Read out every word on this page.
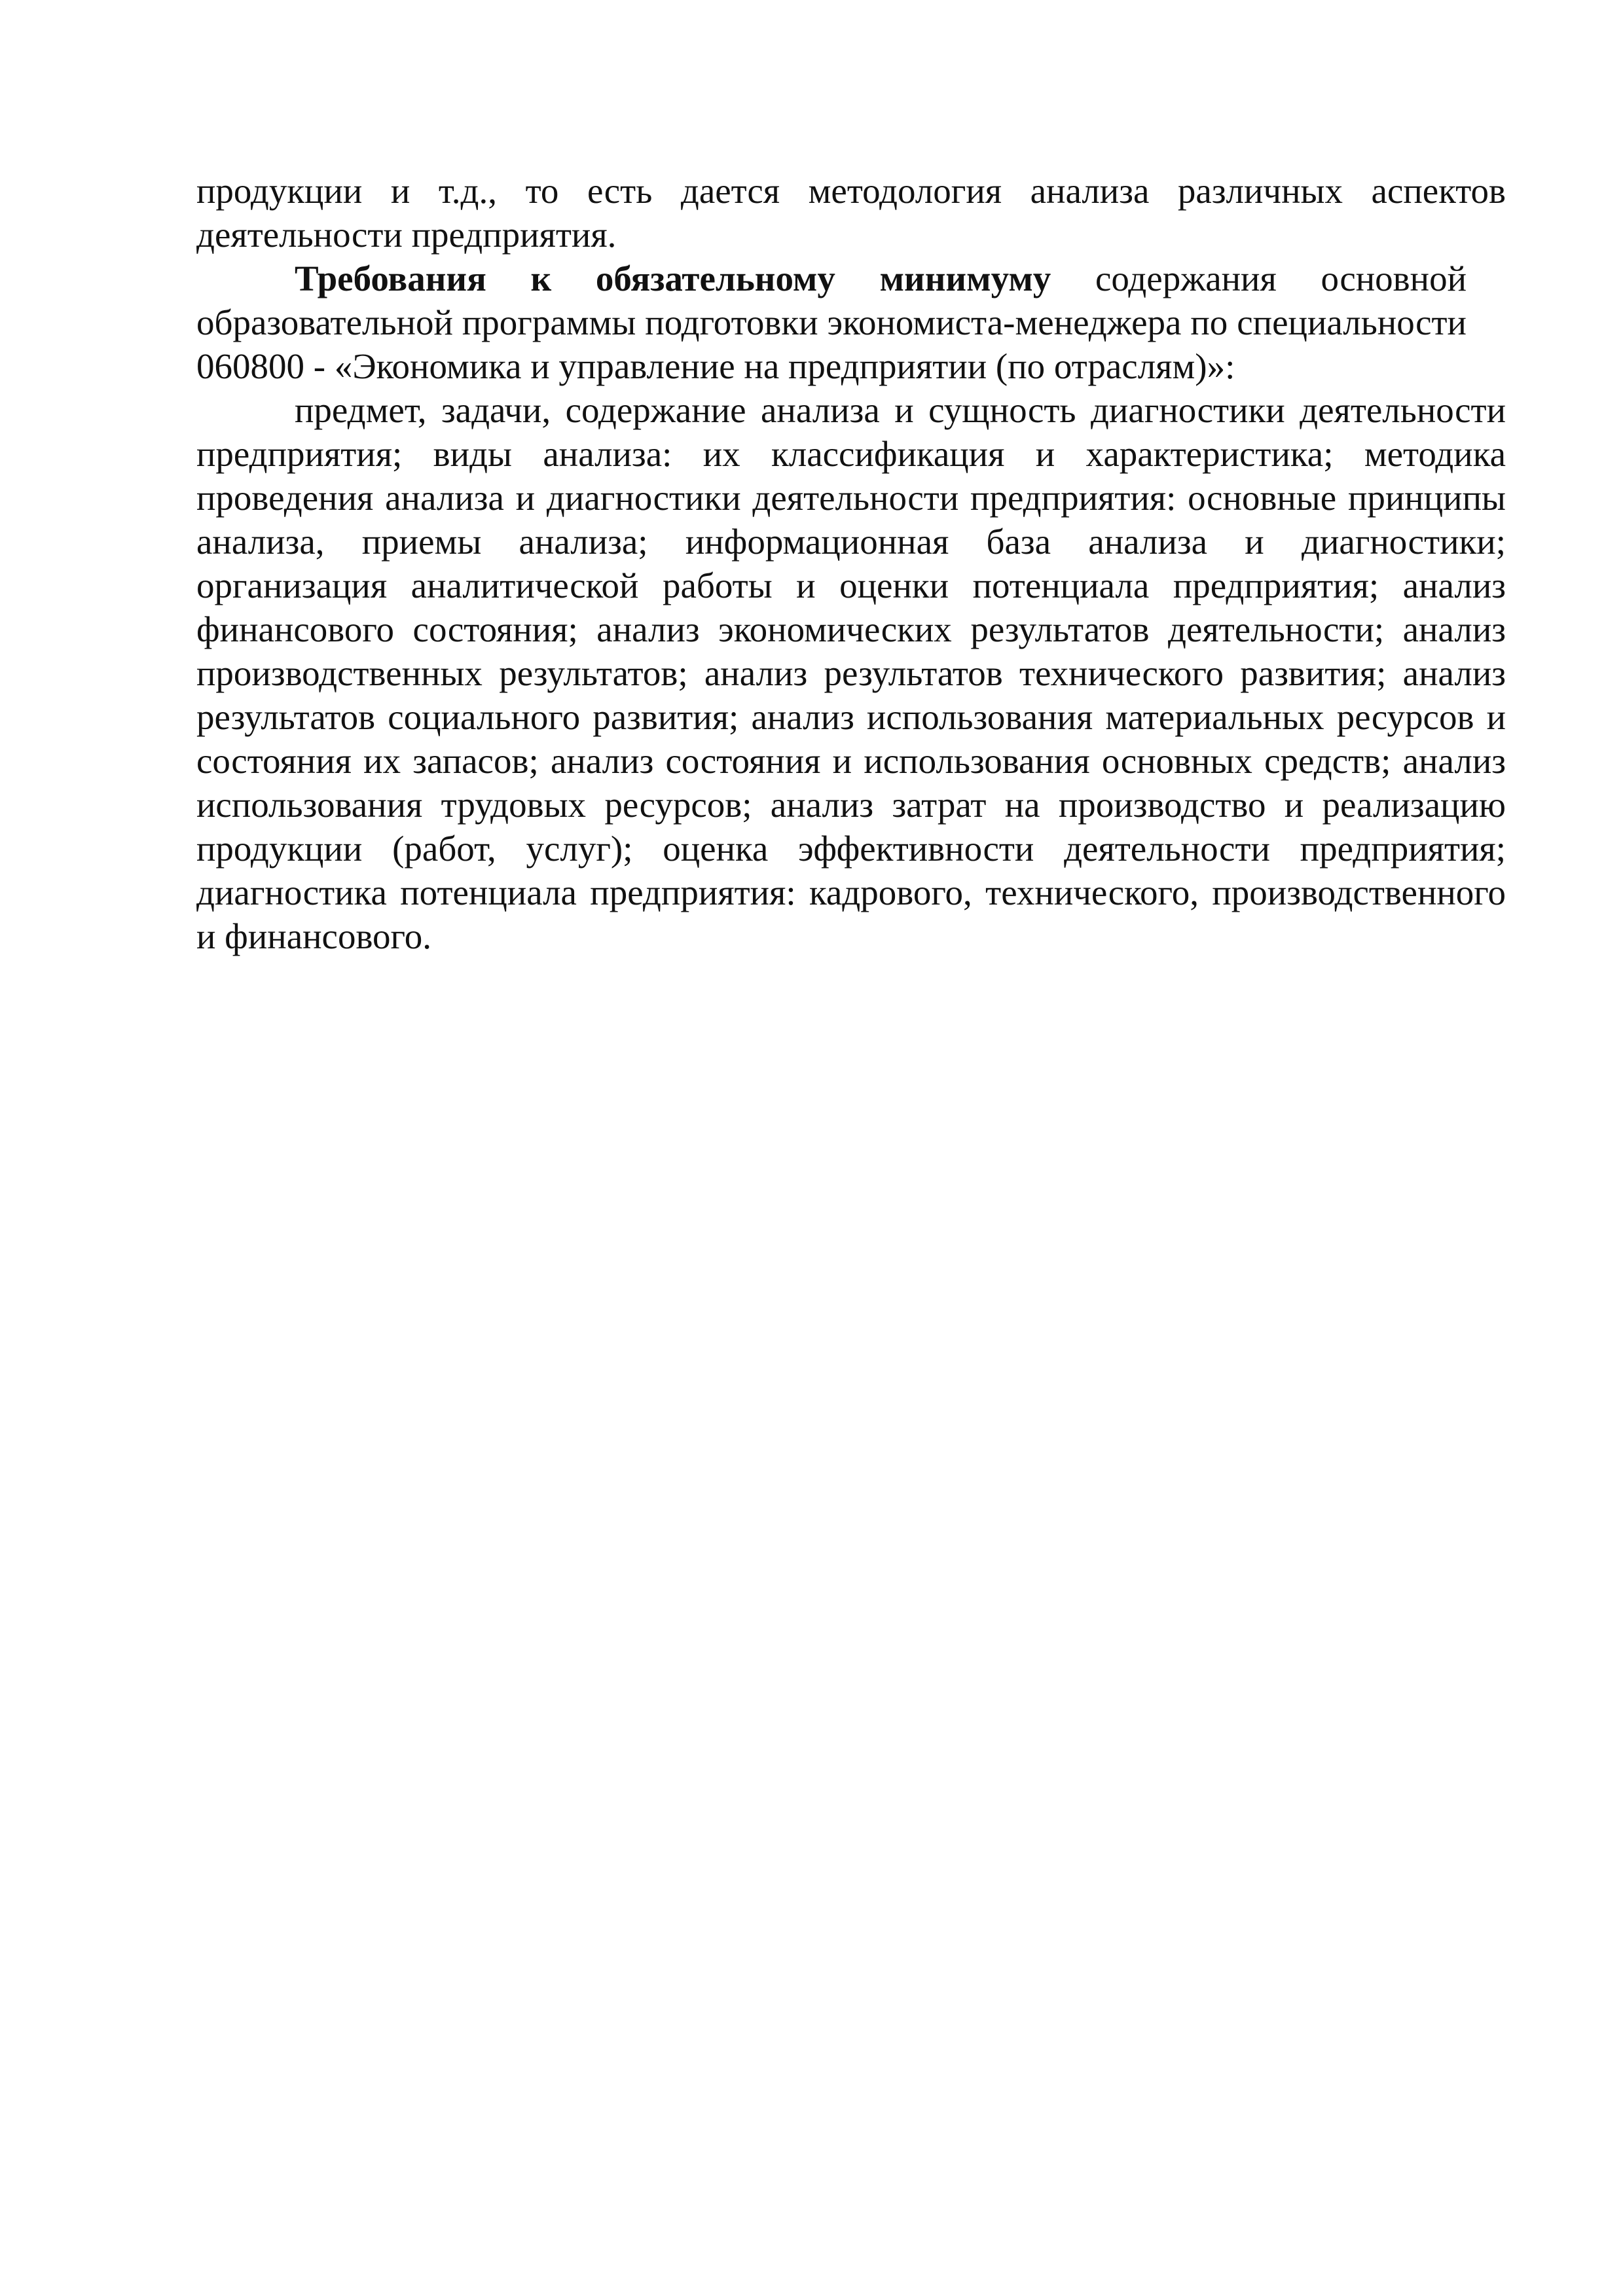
продукции и т.д., то есть дается методология анализа различных аспектов деятельности предприятия.

Требования к обязательному минимуму содержания основной образовательной программы подготовки экономиста-менеджера по специальности 060800 - «Экономика и управление на предприятии (по отраслям)»:

предмет, задачи, содержание анализа и сущность диагностики деятельности предприятия; виды анализа: их классификация и характеристика; методика проведения анализа и диагностики деятельности предприятия: основные принципы анализа, приемы анализа; информационная база анализа и диагностики; организация аналитической работы и оценки потенциала предприятия; анализ финансового состояния; анализ экономических результатов деятельности; анализ производственных результатов; анализ результатов технического развития; анализ результатов социального развития; анализ использования материальных ресурсов и состояния их запасов; анализ состояния и использования основных средств; анализ использования трудовых ресурсов; анализ затрат на производство и реализацию продукции (работ, услуг); оценка эффективности деятельности предприятия; диагностика потенциала предприятия: кадрового, технического, производственного и финансового.
